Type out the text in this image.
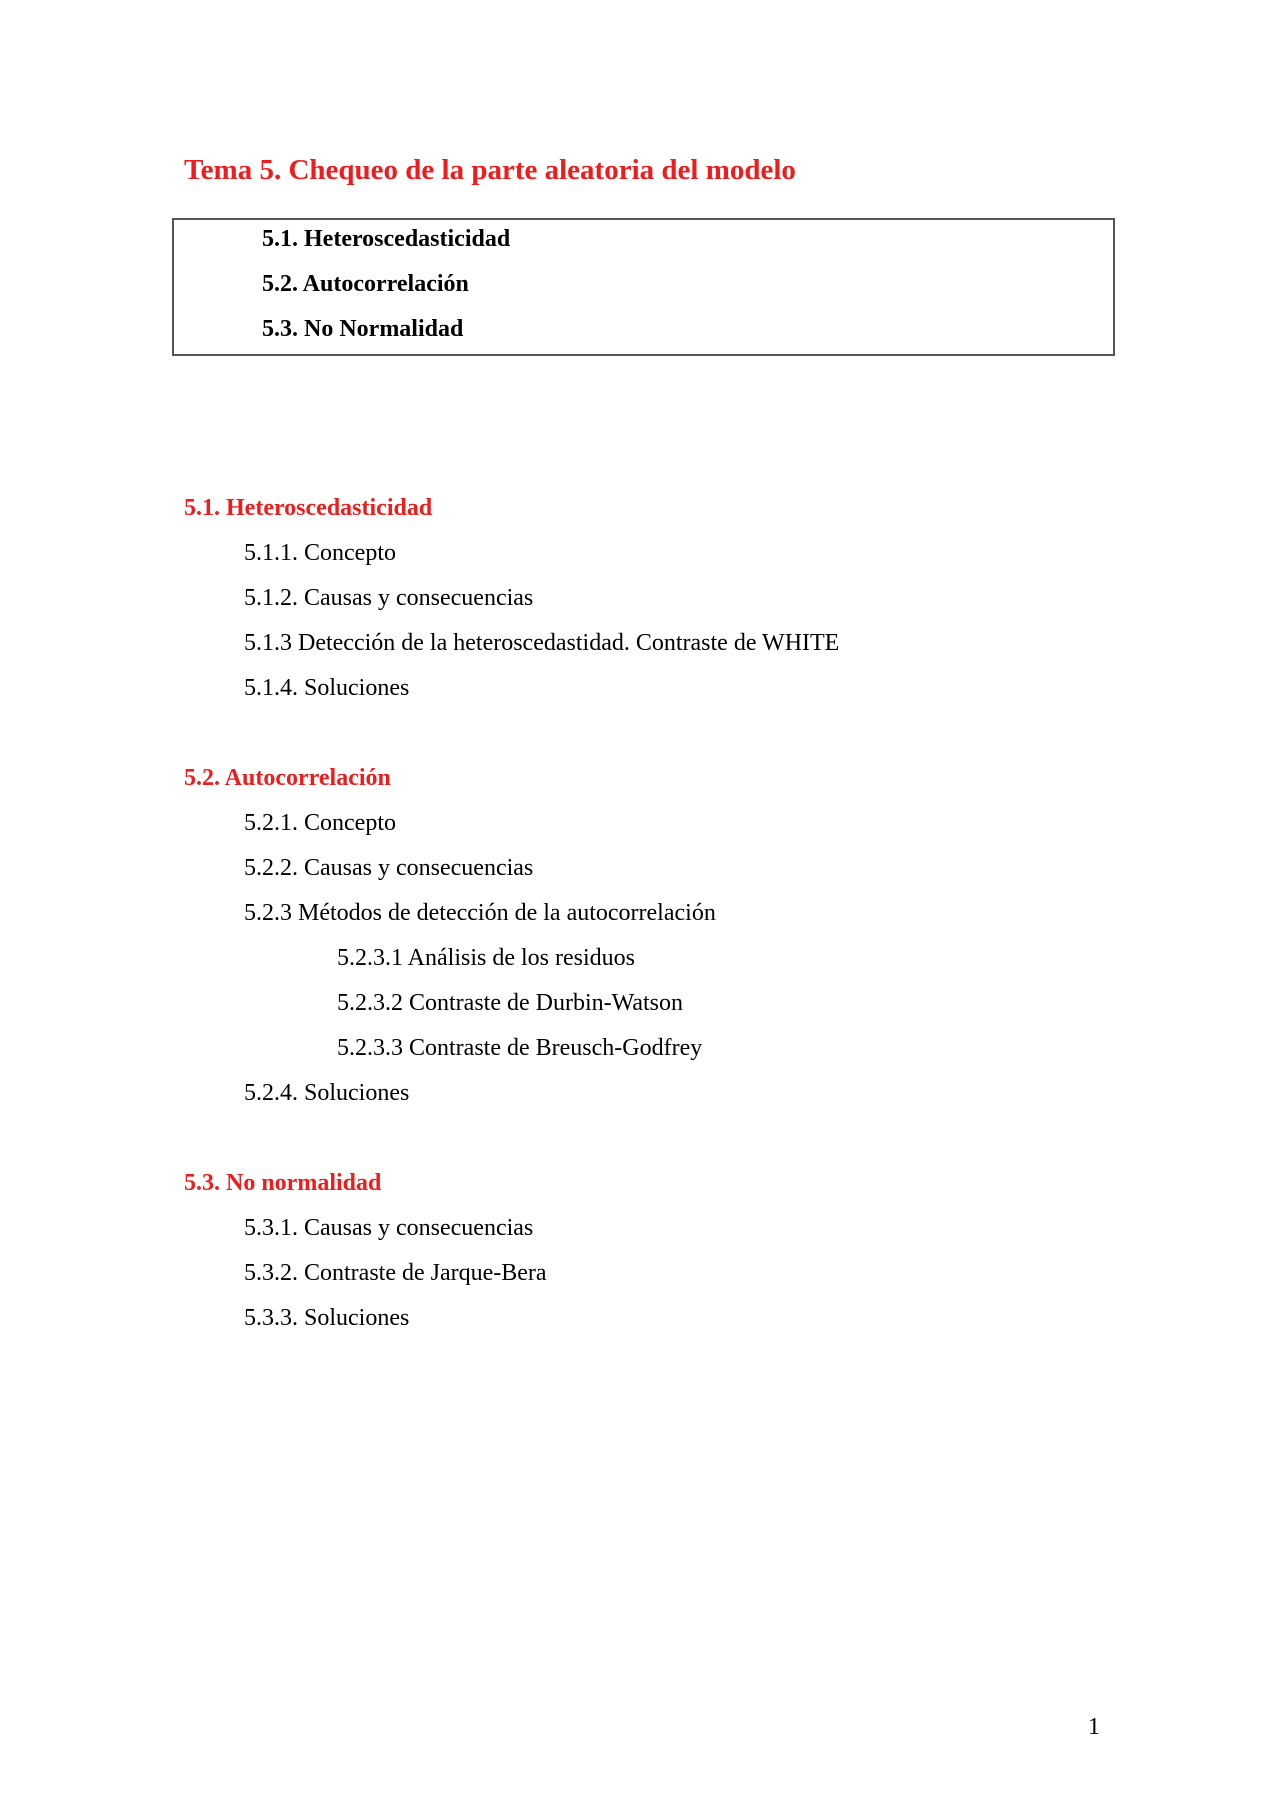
Tema 5. Chequeo de la parte aleatoria del modelo
5.1. Heteroscedasticidad
5.2. Autocorrelación
5.3. No Normalidad
5.1. Heteroscedasticidad
5.1.1. Concepto
5.1.2. Causas y consecuencias
5.1.3 Detección de la heteroscedastidad. Contraste de WHITE
5.1.4. Soluciones
5.2. Autocorrelación
5.2.1. Concepto
5.2.2. Causas y consecuencias
5.2.3 Métodos de detección de la autocorrelación
5.2.3.1 Análisis de los residuos
5.2.3.2 Contraste de Durbin-Watson
5.2.3.3 Contraste de Breusch-Godfrey
5.2.4. Soluciones
5.3. No normalidad
5.3.1. Causas y consecuencias
5.3.2. Contraste de Jarque-Bera
5.3.3. Soluciones
1
